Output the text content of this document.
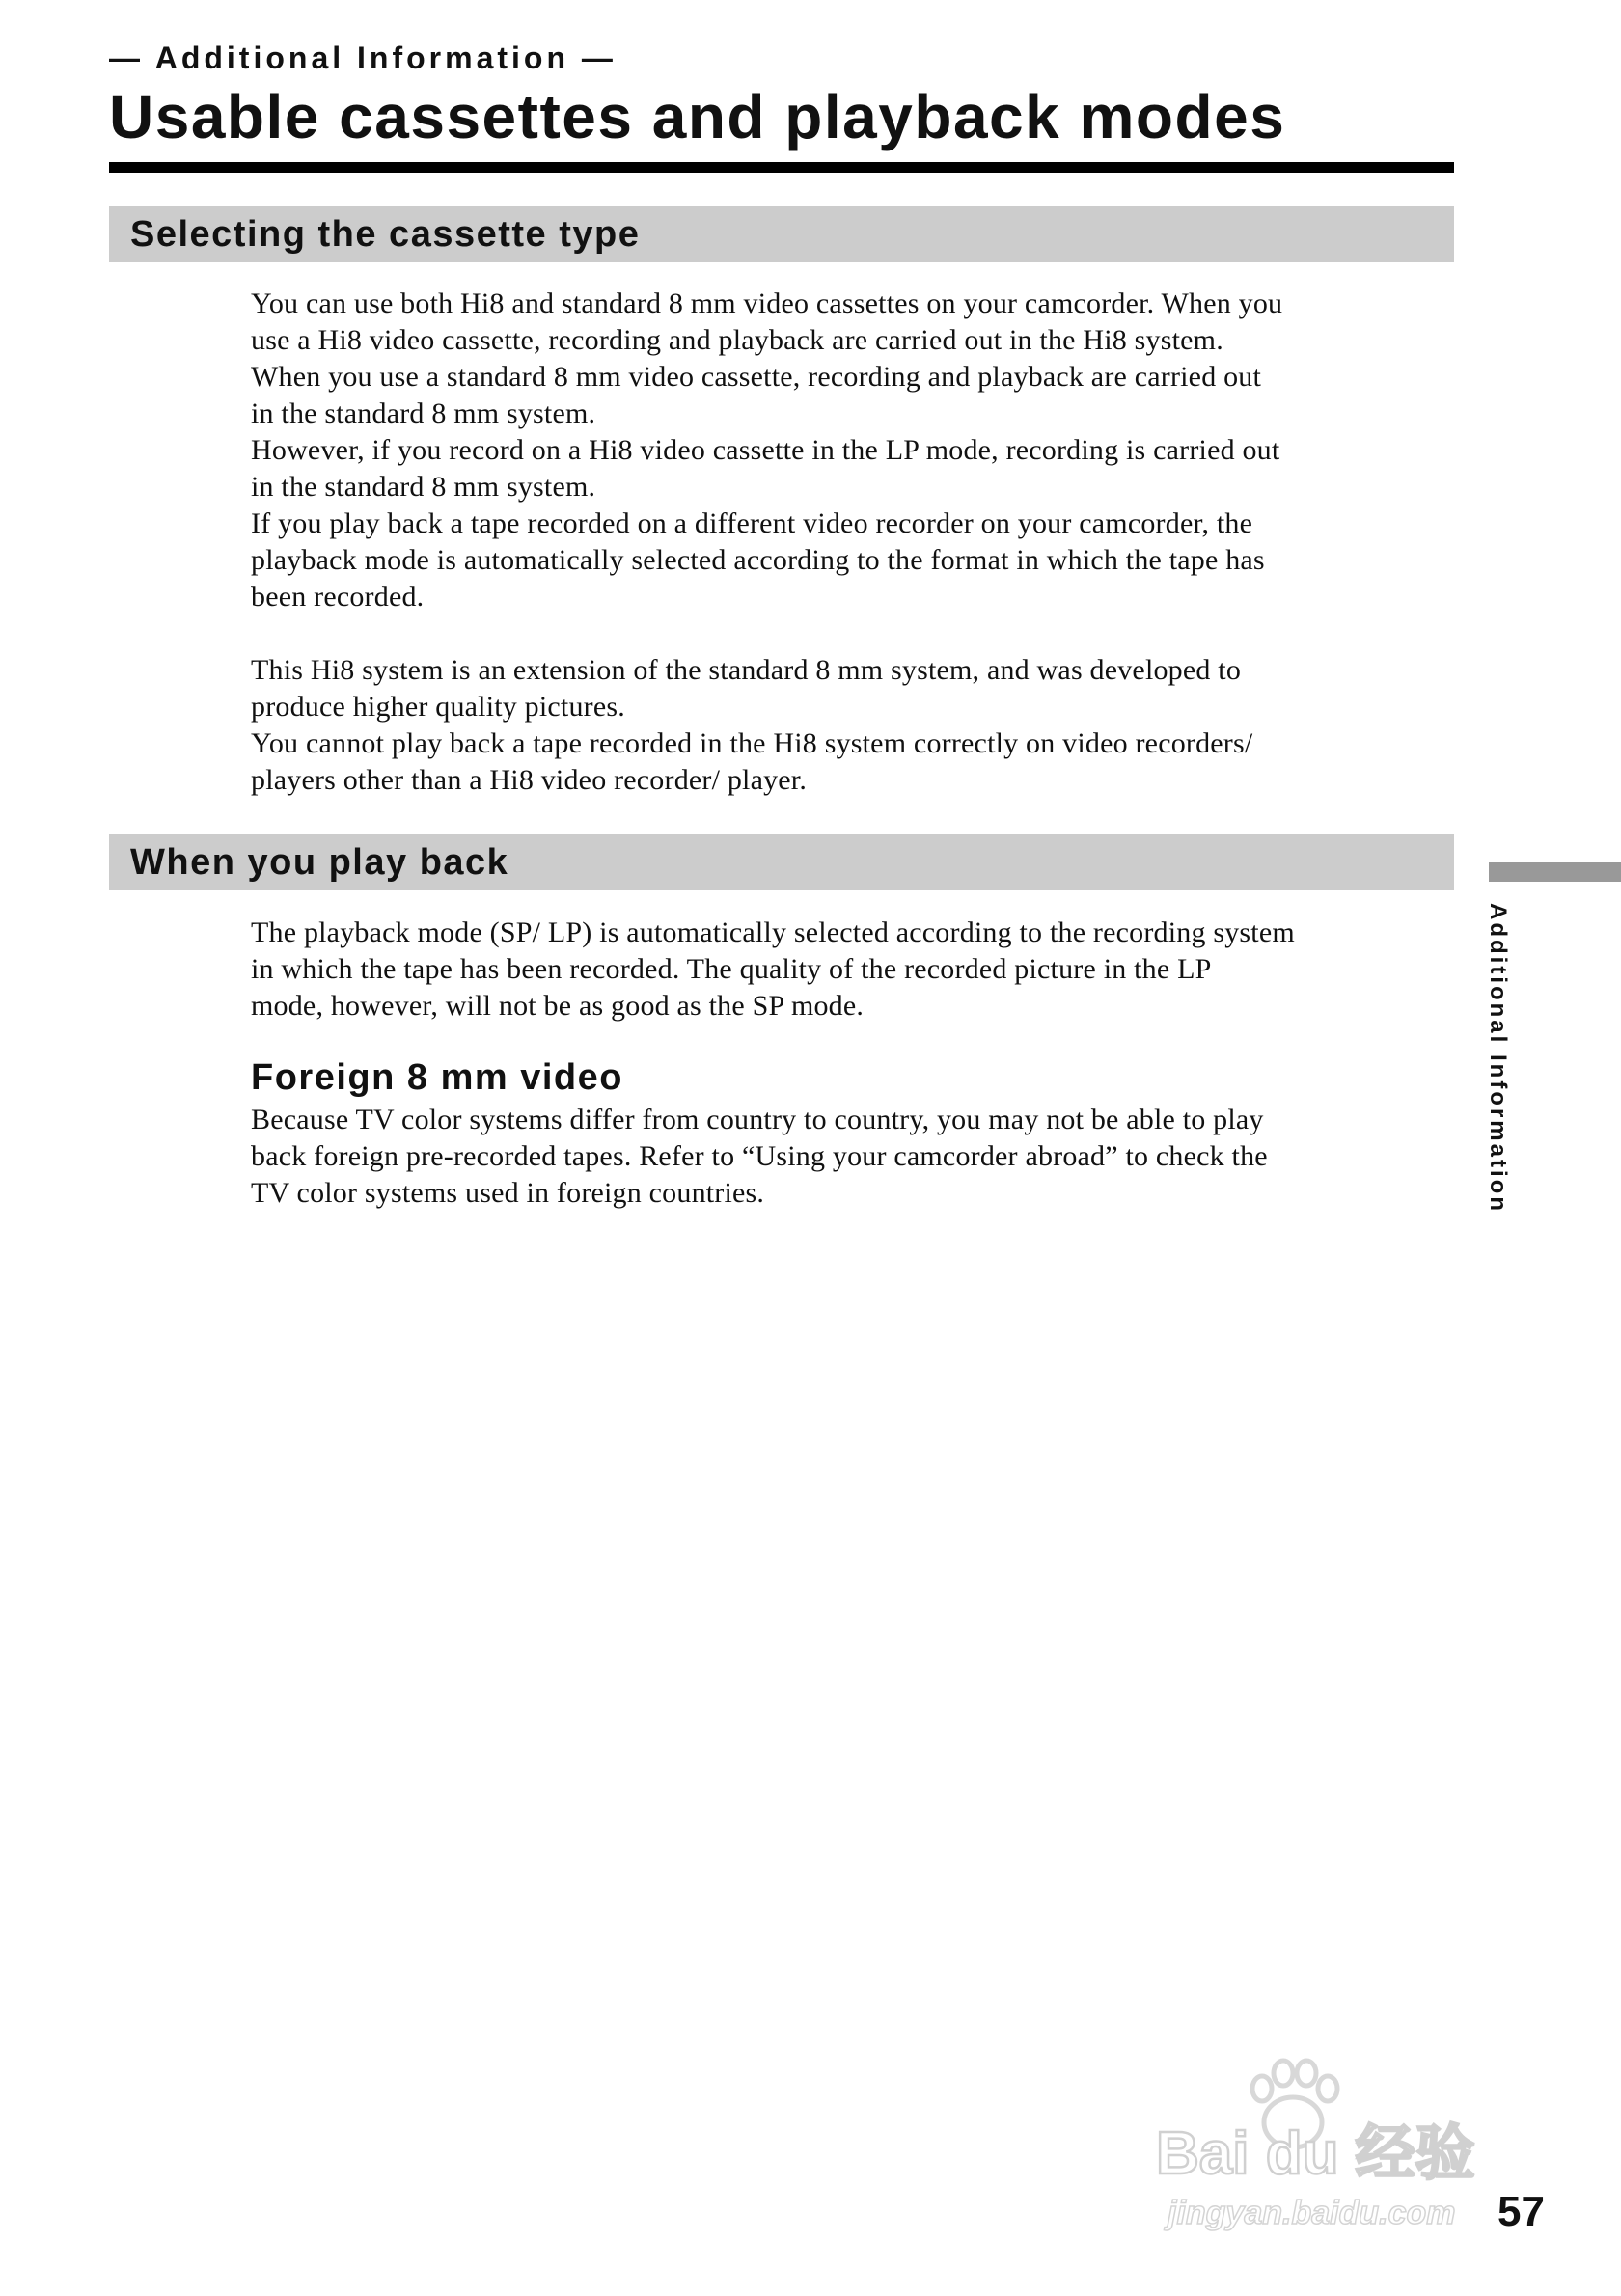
— Additional Information —
Usable cassettes and playback modes
Selecting the cassette type
You can use both Hi8 and standard 8 mm video cassettes on your camcorder. When you
use a Hi8 video cassette, recording and playback are carried out in the Hi8 system.
When you use a standard 8 mm video cassette, recording and playback are carried out
in the standard 8 mm system.
However, if you record on a Hi8 video cassette in the LP mode, recording is carried out
in the standard 8 mm system.
If you play back a tape recorded on a different video recorder on your camcorder, the
playback mode is automatically selected according to the format in which the tape has
been recorded.
This Hi8 system is an extension of the standard 8 mm system, and was developed to
produce higher quality pictures.
You cannot play back a tape recorded in the Hi8 system correctly on video recorders/
players other than a Hi8 video recorder/ player.
When you play back
The playback mode (SP/ LP) is automatically selected according to the recording system
in which the tape has been recorded. The quality of the recorded picture in the LP
mode, however, will not be as good as the SP mode.
Foreign 8 mm video
Because TV color systems differ from country to country, you may not be able to play
back foreign pre-recorded tapes. Refer to “Using your camcorder abroad” to check the
TV color systems used in foreign countries.	Additional Information
57
Bai du 经验
jingyan.baidu.com
